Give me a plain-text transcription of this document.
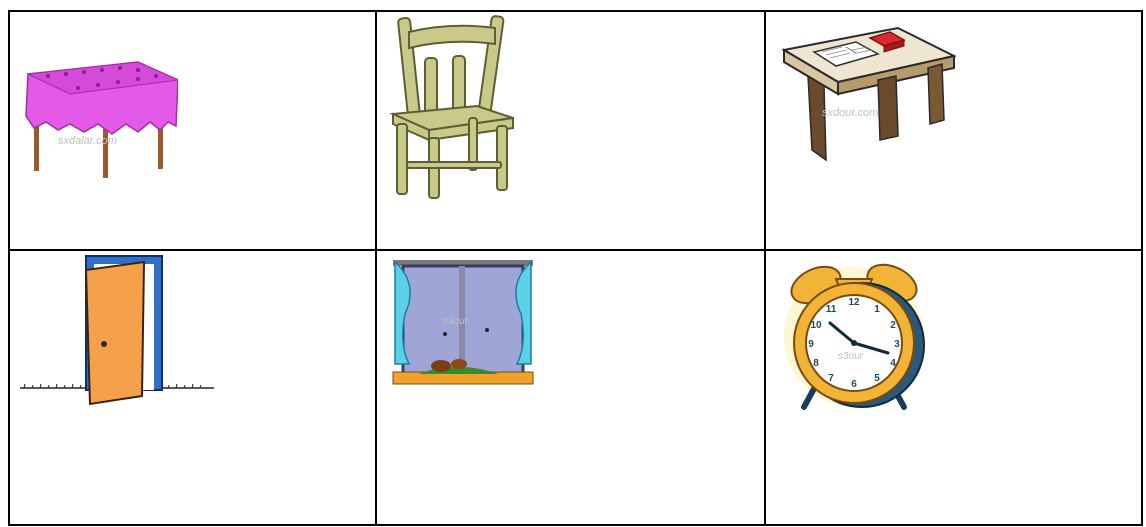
sxdalar.com
sxdour.com
s3our
12
1
2
3
4
5
6
7
8
9
10
11
s3our
